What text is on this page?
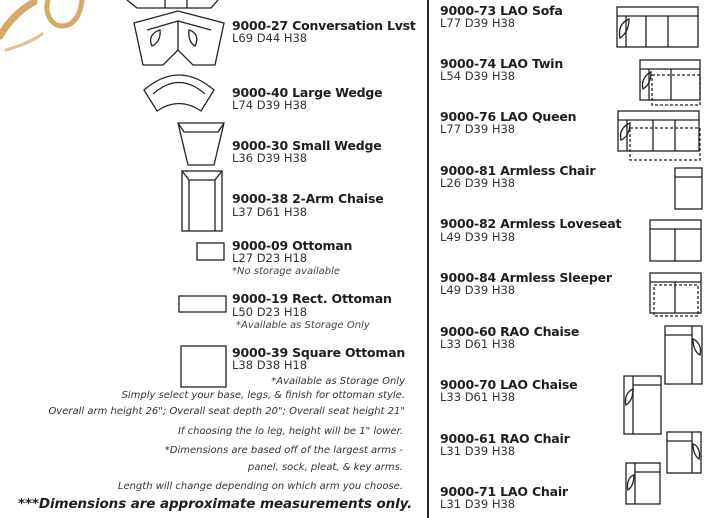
9000-27 Conversation Lvst
L69 D44 H38
9000-40 Large Wedge
L74 D39 H38
9000-30 Small Wedge
L36 D39 H38
9000-38 2-Arm Chaise
L37 D61 H38
9000-09 Ottoman
L27 D23 H18
*No storage available
9000-19 Rect. Ottoman
L50 D23 H18
*Available as Storage Only
9000-39 Square Ottoman
L38 D38 H18
*Available as Storage Only
Simply select your base, legs, & finish for ottoman style.
Overall arm height 26"; Overall seat depth 20"; Overall seat height 21"
If choosing the lo leg, height will be 1" lower.
*Dimensions are based off of the largest arms -
panel, sock, pleat, & key arms.
Length will change depending on which arm you choose.
***Dimensions are approximate measurements only.
9000-73 LAO Sofa
L77 D39 H38
9000-74 LAO Twin
L54 D39 H38
9000-76 LAO Queen
L77 D39 H38
9000-81 Armless Chair
L26 D39 H38
9000-82 Armless Loveseat
L49 D39 H38
9000-84 Armless Sleeper
L49 D39 H38
9000-60 RAO Chaise
L33 D61 H38
9000-70 LAO Chaise
L33 D61 H38
9000-61 RAO Chair
L31 D39 H38
9000-71 LAO Chair
L31 D39 H38
